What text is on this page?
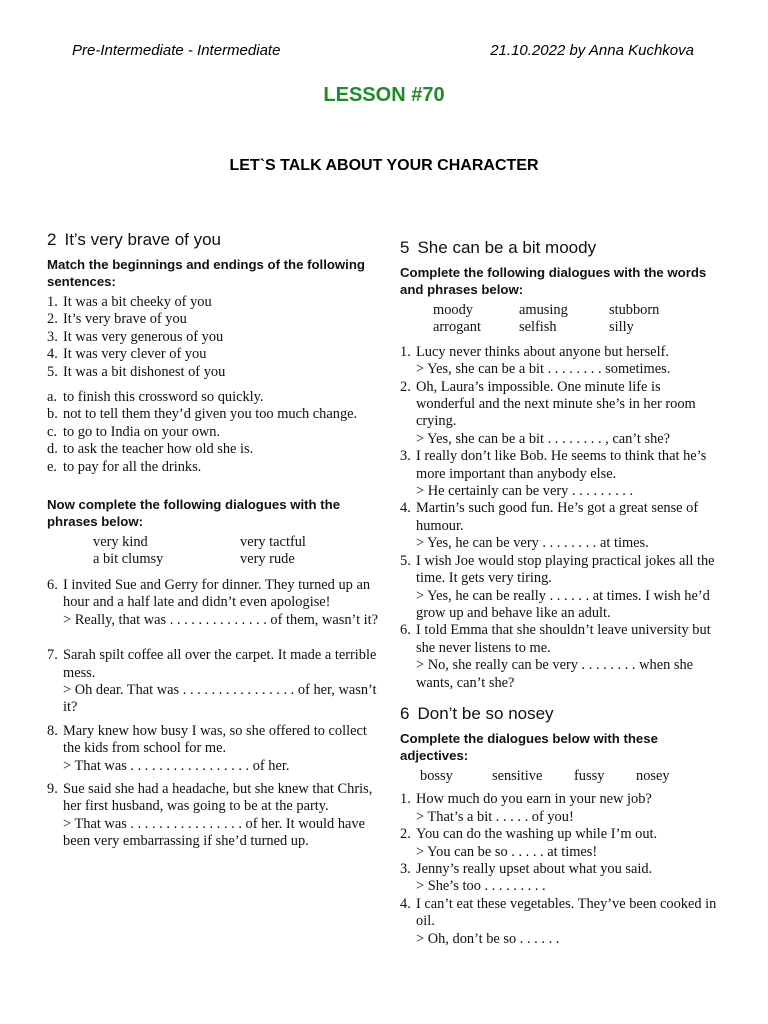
Pre-Intermediate - Intermediate	21.10.2022 by Anna Kuchkova
LESSON #70
LET`S TALK ABOUT YOUR CHARACTER
2 It’s very brave of you
Match the beginnings and endings of the following sentences:
1. It was a bit cheeky of you
2. It’s very brave of you
3. It was very generous of you
4. It was very clever of you
5. It was a bit dishonest of you
a. to finish this crossword so quickly.
b. not to tell them they’d given you too much change.
c. to go to India on your own.
d. to ask the teacher how old she is.
e. to pay for all the drinks.
Now complete the following dialogues with the phrases below:
very kind	very tactful
a bit clumsy	very rude
6. I invited Sue and Gerry for dinner. They turned up an hour and a half late and didn’t even apologise!
> Really, that was . . . . . . . . . . . . . . of them, wasn’t it?
7. Sarah spilt coffee all over the carpet. It made a terrible mess.
> Oh dear. That was . . . . . . . . . . . . . . . . of her, wasn’t it?
8. Mary knew how busy I was, so she offered to collect the kids from school for me.
> That was . . . . . . . . . . . . . . . . . of her.
9. Sue said she had a headache, but she knew that Chris, her first husband, was going to be at the party.
> That was . . . . . . . . . . . . . . . . of her. It would have been very embarrassing if she’d turned up.
5 She can be a bit moody
Complete the following dialogues with the words and phrases below:
moody	amusing	stubborn
arrogant	selfish	silly
1. Lucy never thinks about anyone but herself.
> Yes, she can be a bit . . . . . . . . sometimes.
2. Oh, Laura’s impossible. One minute life is wonderful and the next minute she’s in her room crying.
> Yes, she can be a bit . . . . . . . . , can’t she?
3. I really don’t like Bob. He seems to think that he’s more important than anybody else.
> He certainly can be very . . . . . . . . .
4. Martin’s such good fun. He’s got a great sense of humour.
> Yes, he can be very . . . . . . . . at times.
5. I wish Joe would stop playing practical jokes all the time. It gets very tiring.
> Yes, he can be really . . . . . . at times. I wish he’d grow up and behave like an adult.
6. I told Emma that she shouldn’t leave university but she never listens to me.
> No, she really can be very . . . . . . . . when she wants, can’t she?
6 Don’t be so nosey
Complete the dialogues below with these adjectives:
bossy	sensitive	fussy	nosey
1. How much do you earn in your new job?
> That’s a bit . . . . . of you!
2. You can do the washing up while I’m out.
> You can be so . . . . . at times!
3. Jenny’s really upset about what you said.
> She’s too . . . . . . . . .
4. I can’t eat these vegetables. They’ve been cooked in oil.
> Oh, don’t be so . . . . . .
